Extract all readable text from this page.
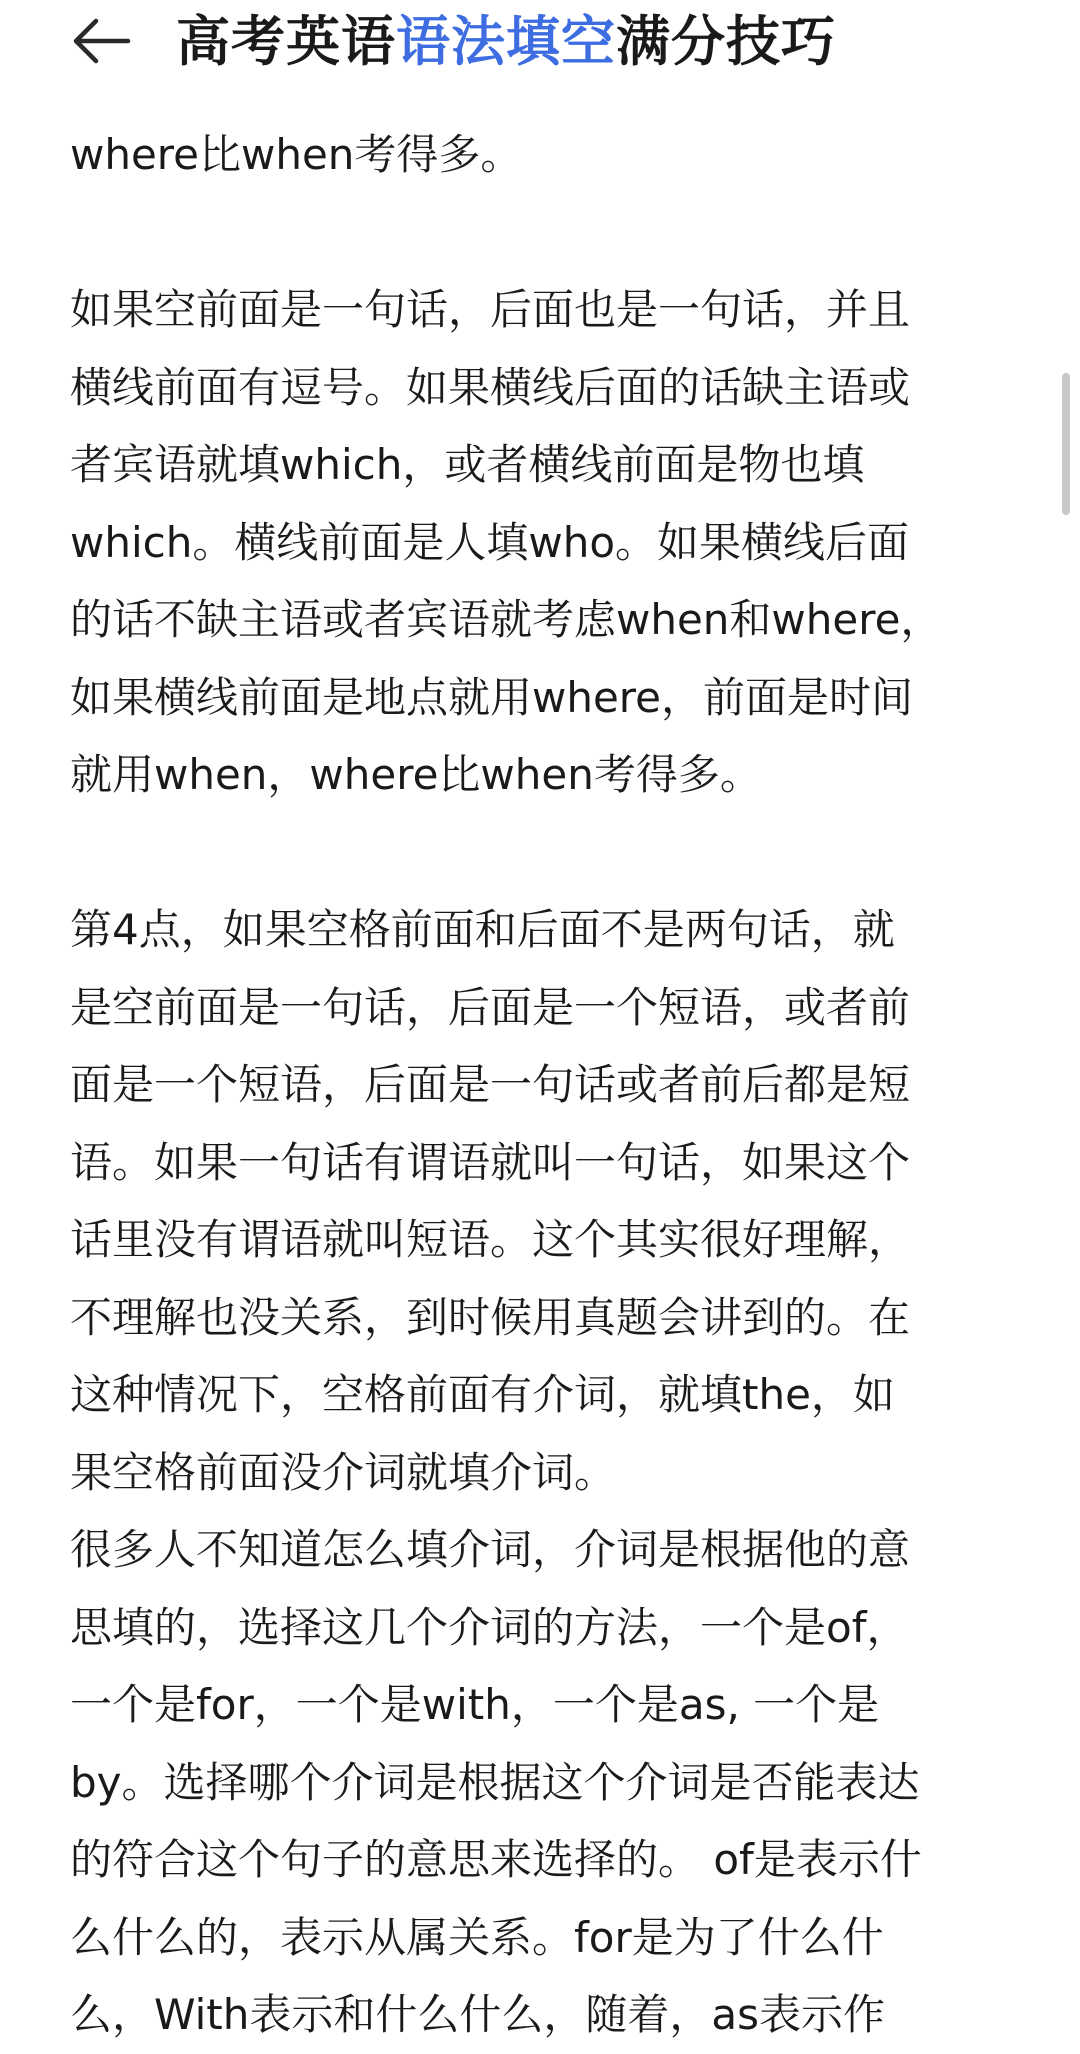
高考英语语法填空满分技巧
where比when考得多。
如果空前面是一句话，后面也是一句话，并且
横线前面有逗号。如果横线后面的话缺主语或
者宾语就填which，或者横线前面是物也填
which。横线前面是人填who。如果横线后面
的话不缺主语或者宾语就考虑when和where，
如果横线前面是地点就用where，前面是时间
就用when，where比when考得多。
第4点，如果空格前面和后面不是两句话，就
是空前面是一句话，后面是一个短语，或者前
面是一个短语，后面是一句话或者前后都是短
语。如果一句话有谓语就叫一句话，如果这个
话里没有谓语就叫短语。这个其实很好理解，
不理解也没关系，到时候用真题会讲到的。在
这种情况下，空格前面有介词，就填the，如
果空格前面没介词就填介词。
很多人不知道怎么填介词，介词是根据他的意
思填的，选择这几个介词的方法，一个是of，
一个是for，一个是with，一个是as, 一个是
by。选择哪个介词是根据这个介词是否能表达
的符合这个句子的意思来选择的。 of是表示什
么什么的，表示从属关系。for是为了什么什
么，With表示和什么什么，随着，as表示作
